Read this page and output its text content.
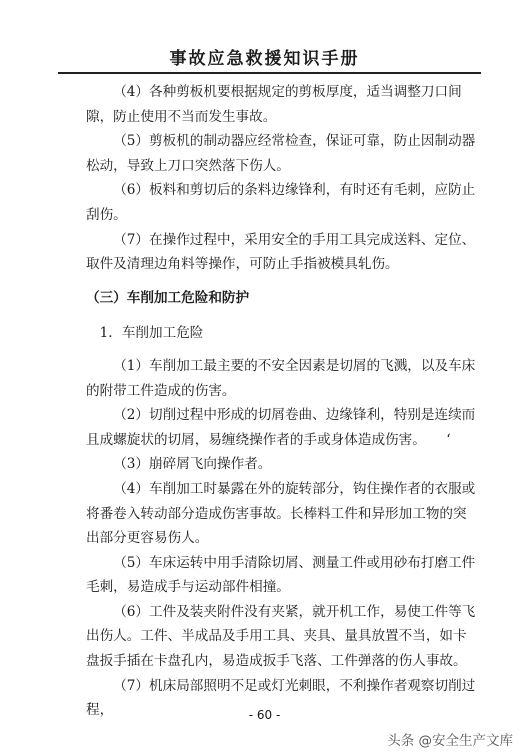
事故应急救援知识手册

（4）各种剪板机要根据规定的剪板厚度，适当调整刀口间隙，防止使用不当而发生事故。

（5）剪板机的制动器应经常检查，保证可靠，防止因制动器松动，导致上刀口突然落下伤人。

（6）板料和剪切后的条料边缘锋利，有时还有毛刺，应防止刮伤。

（7）在操作过程中，采用安全的手用工具完成送料、定位、取件及清理边角料等操作，可防止手指被模具轧伤。

（三）车削加工危险和防护

1．车削加工危险

（1）车削加工最主要的不安全因素是切屑的飞溅，以及车床的附带工件造成的伤害。

（2）切削过程中形成的切屑卷曲、边缘锋利，特别是连续而且成螺旋状的切屑，易缠绕操作者的手或身体造成伤害。　　‘

（3）崩碎屑飞向操作者。

（4）车削加工时暴露在外的旋转部分，钩住操作者的衣服或将番卷入转动部分造成伤害事故。长棒料工件和异形加工物的突出部分更容易伤人。

（5）车床运转中用手清除切屑、测量工件或用砂布打磨工件毛刺，易造成手与运动部件相撞。

（6）工件及装夹附件没有夹紧，就开机工作，易使工件等飞出伤人。工件、半成品及手用工具、夹具、量具放置不当，如卡盘扳手插在卡盘孔内，易造成扳手飞落、工件弹落的伤人事故。

（7）机床局部照明不足或灯光刺眼，不利操作者观察切削过程，	- 60 -
头条 @安全生产文库
